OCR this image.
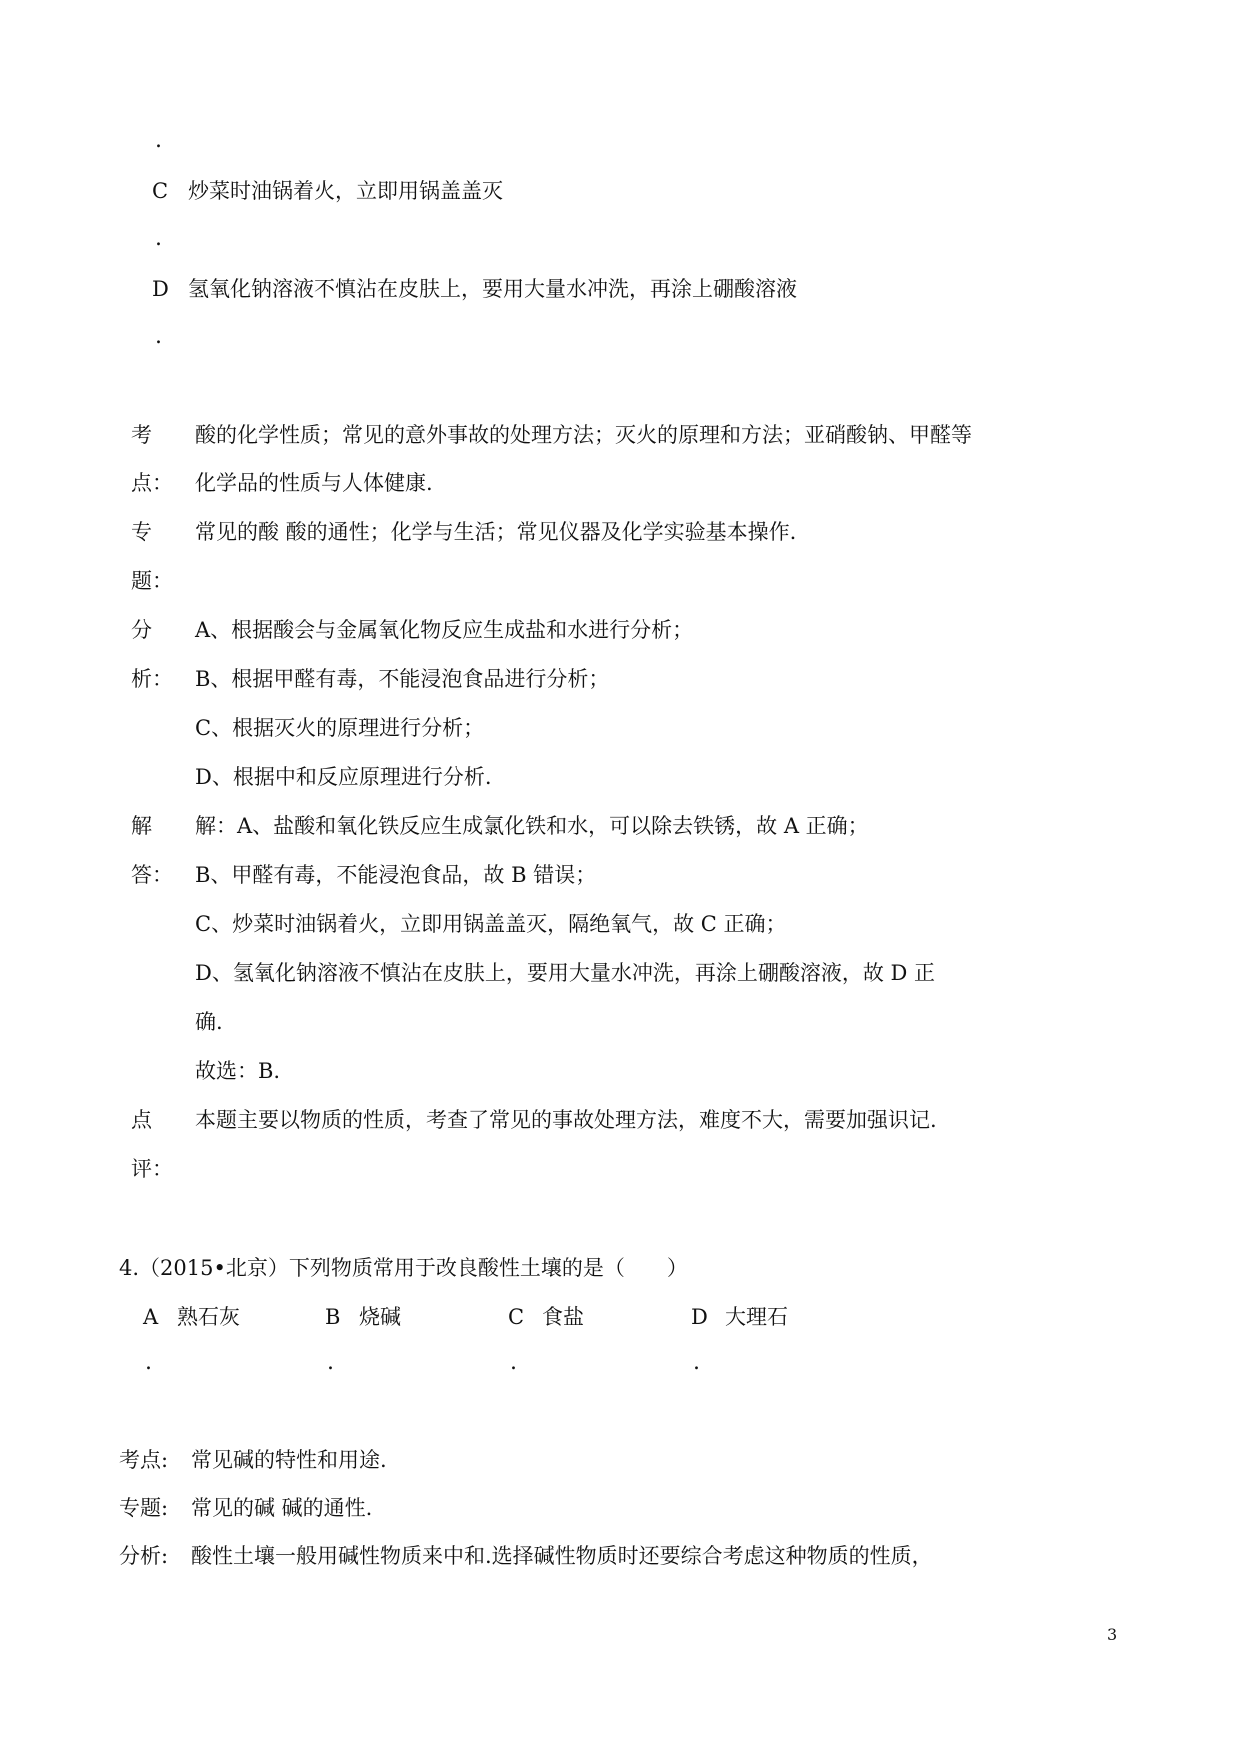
.
C 炒菜时油锅着火，立即用锅盖盖灭
.
D 氢氧化钠溶液不慎沾在皮肤上，要用大量水冲洗，再涂上硼酸溶液
.
考 酸的化学性质；常见的意外事故的处理方法；灭火的原理和方法；亚硝酸钠、甲醛等
点： 化学品的性质与人体健康.
专 常见的酸 酸的通性；化学与生活；常见仪器及化学实验基本操作.
题：
分 A、根据酸会与金属氧化物反应生成盐和水进行分析；
析： B、根据甲醛有毒，不能浸泡食品进行分析；
C、根据灭火的原理进行分析；
D、根据中和反应原理进行分析.
解 解：A、盐酸和氧化铁反应生成氯化铁和水，可以除去铁锈，故 A 正确；
答： B、甲醛有毒，不能浸泡食品，故 B 错误；
C、炒菜时油锅着火，立即用锅盖盖灭，隔绝氧气，故 C 正确；
D、氢氧化钠溶液不慎沾在皮肤上，要用大量水冲洗，再涂上硼酸溶液，故 D 正
确.
故选：B.
点 本题主要以物质的性质，考查了常见的事故处理方法，难度不大，需要加强识记.
评：
4.（2015•北京）下列物质常用于改良酸性土壤的是（　　）
A 熟石灰
.
B 烧碱
.
C 食盐
.
D 大理石
.
考点: 常见碱的特性和用途.
专题: 常见的碱 碱的通性.
分析: 酸性土壤一般用碱性物质来中和.选择碱性物质时还要综合考虑这种物质的性质，
3
